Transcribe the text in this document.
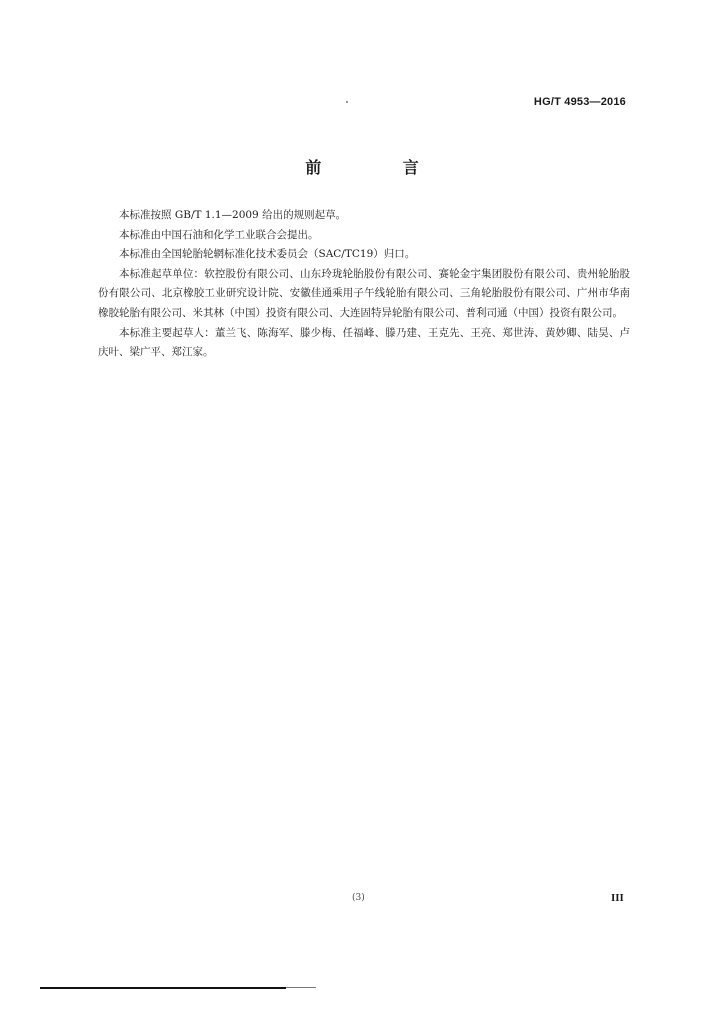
HG/T 4953—2016
前 言

本标准按照 GB/T 1.1—2009 给出的规则起草。

本标准由中国石油和化学工业联合会提出。

本标准由全国轮胎轮辋标准化技术委员会（SAC/TC19）归口。

本标准起草单位：软控股份有限公司、山东玲珑轮胎股份有限公司、赛轮金宇集团股份有限公司、贵州轮胎股份有限公司、北京橡胶工业研究设计院、安徽佳通乘用子午线轮胎有限公司、三角轮胎股份有限公司、广州市华南橡胶轮胎有限公司、米其林（中国）投资有限公司、大连固特异轮胎有限公司、普利司通（中国）投资有限公司。

本标准主要起草人：董兰飞、陈海军、滕少梅、任福峰、滕乃建、王克先、王亮、郑世涛、黄妙卿、陆昊、卢庆叶、梁广平、郑江家。

(3)	III
